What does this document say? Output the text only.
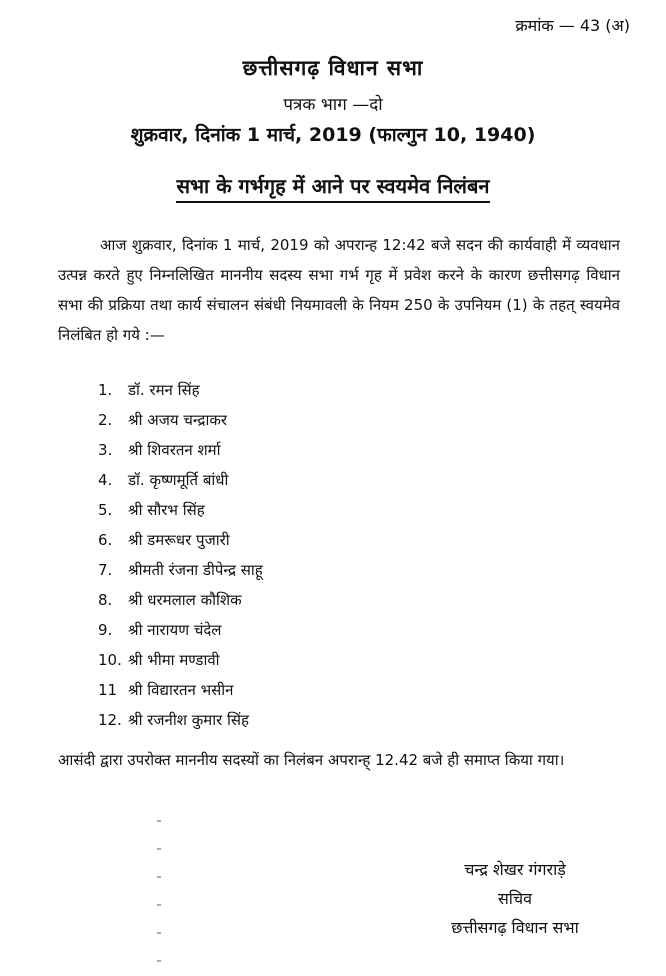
क्रमांक — 43 (अ)
छत्तीसगढ़ विधान सभा
पत्रक भाग —दो
शुक्रवार, दिनांक 1 मार्च, 2019 (फाल्गुन 10, 1940)
सभा के गर्भगृह में आने पर स्वयमेव निलंबन

आज शुक्रवार, दिनांक 1 मार्च, 2019 को अपरान्ह 12:42 बजे सदन की कार्यवाही में व्यवधान उत्पन्न करते हुए निम्नलिखित माननीय सदस्य सभा गर्भ गृह में प्रवेश करने के कारण छत्तीसगढ़ विधान सभा की प्रक्रिया तथा कार्य संचालन संबंधी नियमावली के नियम 250 के उपनियम (1) के तहत् स्वयमेव निलंबित हो गये :—

1. डॉ. रमन सिंह
2. श्री अजय चन्द्राकर
3. श्री शिवरतन शर्मा
4. डॉ. कृष्णमूर्ति बांधी
5. श्री सौरभ सिंह
6. श्री डमरूधर पुजारी
7. श्रीमती रंजना डीपेन्द्र साहू
8. श्री धरमलाल कौशिक
9. श्री नारायण चंदेल
10. श्री भीमा मण्डावी
11 श्री विद्यारतन भसीन
12. श्री रजनीश कुमार सिंह

आसंदी द्वारा उपरोक्त माननीय सदस्यों का निलंबन अपरान्ह् 12.42 बजे ही समाप्त किया गया।

चन्द्र शेखर गंगराड़े
सचिव
छत्तीसगढ़ विधान सभा
